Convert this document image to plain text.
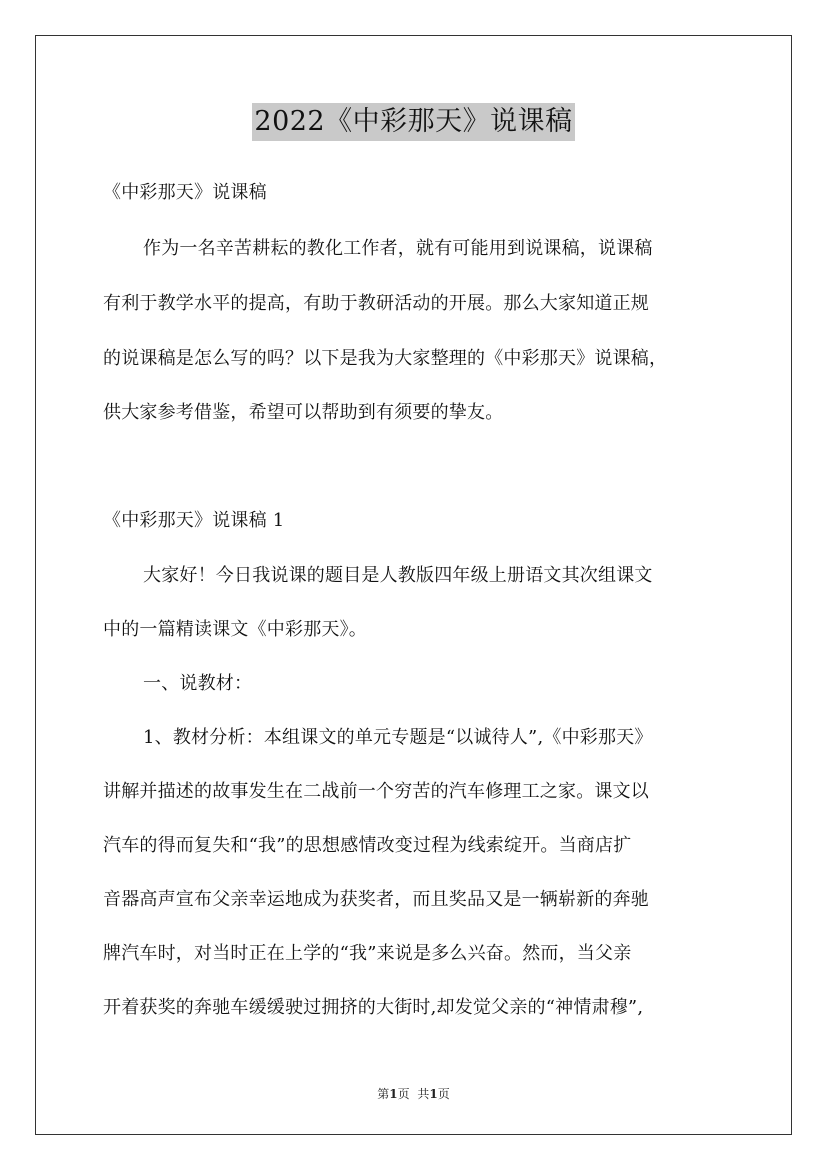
2022《中彩那天》说课稿
《中彩那天》说课稿
作为一名辛苦耕耘的教化工作者，就有可能用到说课稿，说课稿
有利于教学水平的提高，有助于教研活动的开展。那么大家知道正规
的说课稿是怎么写的吗？以下是我为大家整理的《中彩那天》说课稿，
供大家参考借鉴，希望可以帮助到有须要的挚友。
《中彩那天》说课稿 1
大家好！今日我说课的题目是人教版四年级上册语文其次组课文
中的一篇精读课文《中彩那天》。
一、说教材：
1、教材分析：本组课文的单元专题是“以诚待人”,《中彩那天》
讲解并描述的故事发生在二战前一个穷苦的汽车修理工之家。课文以
汽车的得而复失和“我”的思想感情改变过程为线索绽开。当商店扩
音器高声宣布父亲幸运地成为获奖者，而且奖品又是一辆崭新的奔驰
牌汽车时，对当时正在上学的“我”来说是多么兴奋。然而，当父亲
开着获奖的奔驰车缓缓驶过拥挤的大街时,却发觉父亲的“神情肃穆”,
第1页 共1页
